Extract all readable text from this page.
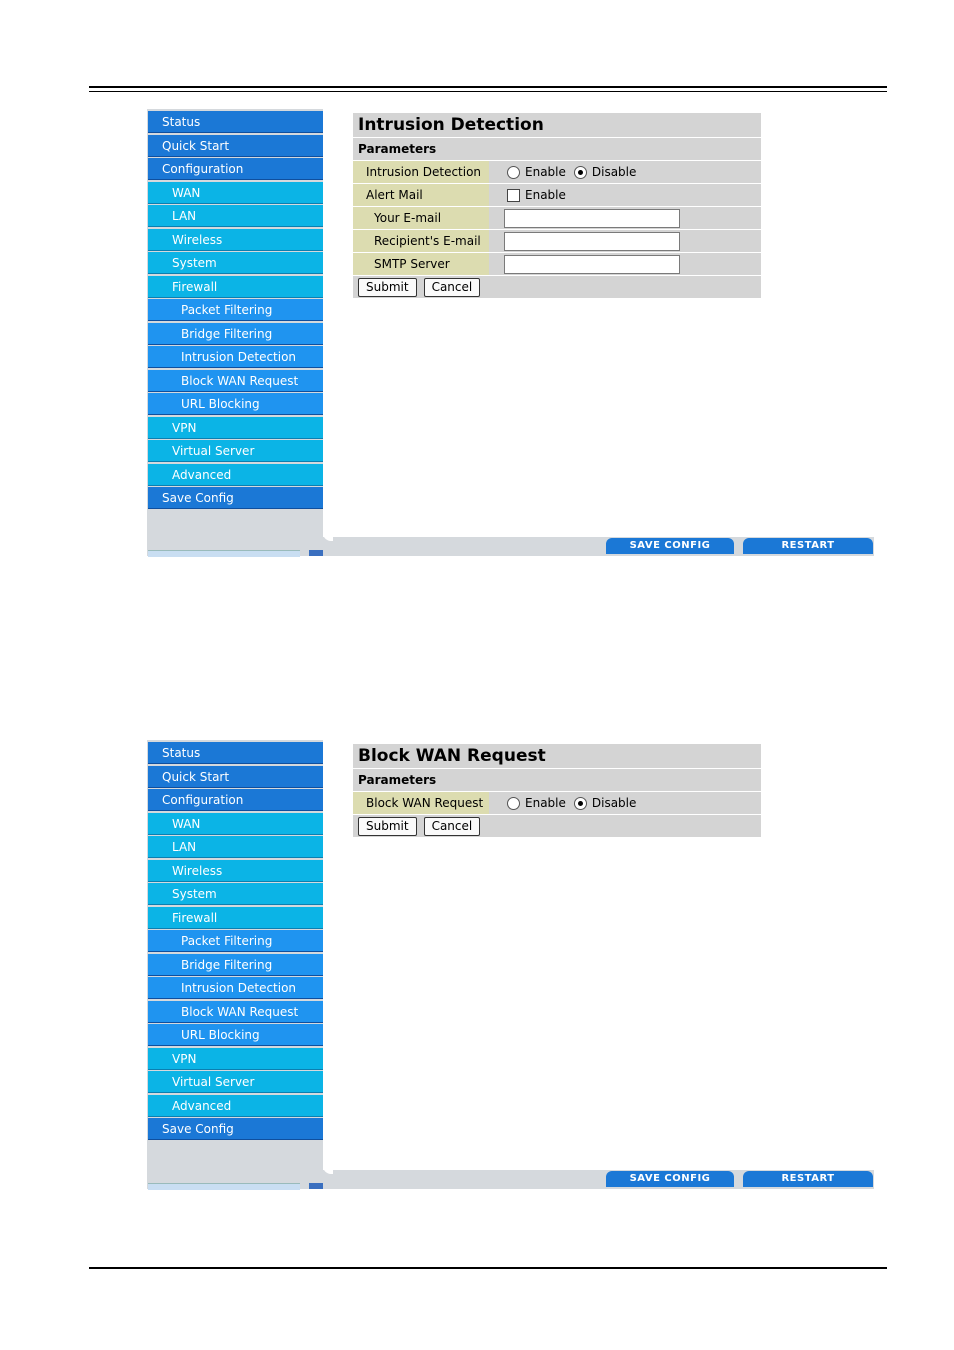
Status
Quick Start
Configuration
WAN
LAN
Wireless
System
Firewall
Packet Filtering
Bridge Filtering
Intrusion Detection
Block WAN Request
URL Blocking
VPN
Virtual Server
Advanced
Save Config
SAVE CONFIG	RESTART
Intrusion Detection
Parameters
Intrusion Detection	Enable Disable
Alert Mail	Enable
Your E-mail
Recipient's E-mail
SMTP Server
Submit	Cancel
Status
Quick Start
Configuration
WAN
LAN
Wireless
System
Firewall
Packet Filtering
Bridge Filtering
Intrusion Detection
Block WAN Request
URL Blocking
VPN
Virtual Server
Advanced
Save Config
SAVE CONFIG	RESTART
Block WAN Request
Parameters
Block WAN Request	Enable Disable
Submit	Cancel
